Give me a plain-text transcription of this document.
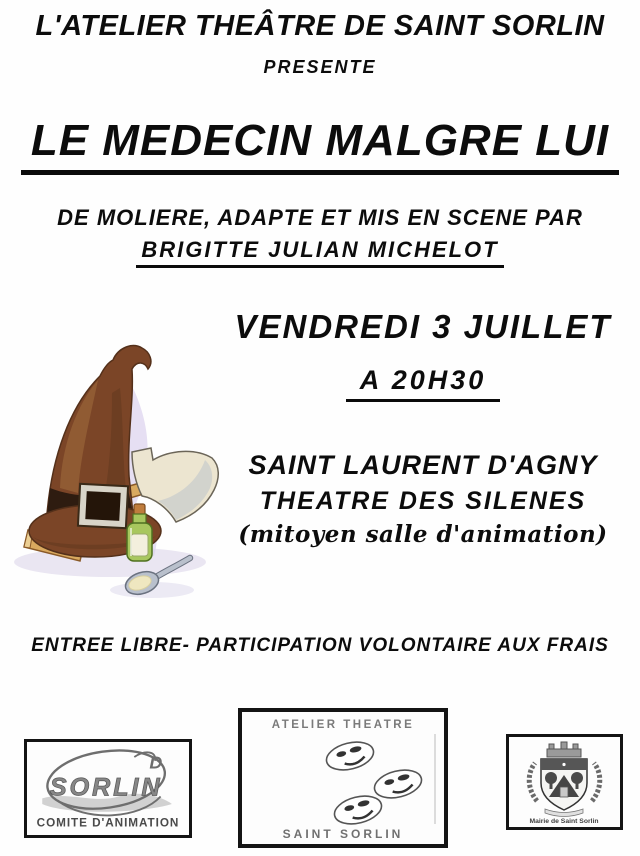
L'ATELIER THEÂTRE DE SAINT SORLIN
PRESENTE
LE MEDECIN MALGRE LUI
DE MOLIERE, ADAPTE ET MIS EN SCENE PAR
BRIGITTE JULIAN MICHELOT
VENDREDI 3 JUILLET
A 20H30
SAINT LAURENT D'AGNY
THEATRE DES SILENES
(mitoyen salle d'animation)
ENTREE LIBRE- PARTICIPATION VOLONTAIRE AUX FRAIS
D
SORLIN
COMITE D'ANIMATION
ATELIER THEATRE
SAINT SORLIN
Mairie de Saint Sorlin
